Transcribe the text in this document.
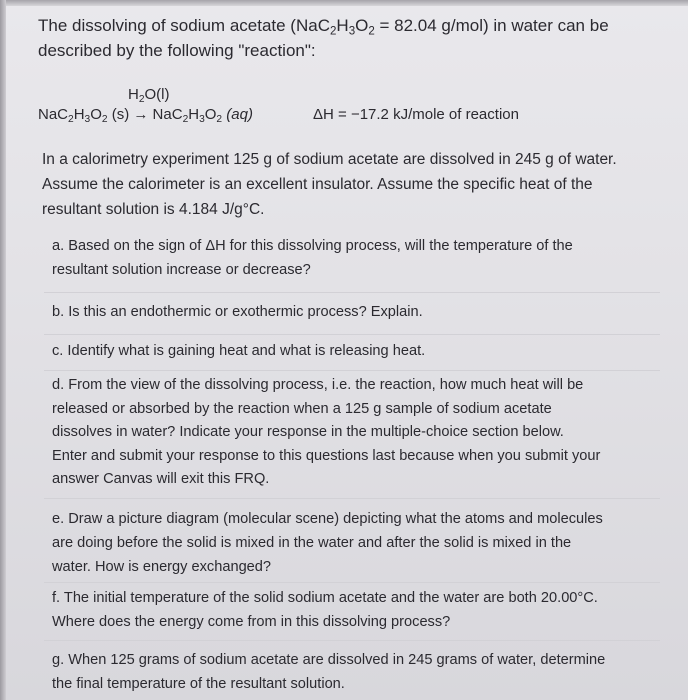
The dissolving of sodium acetate ($NaC_2H_3O_2 = 82.04$ g/mol) in water can be
described by the following "reaction":
$H_2O(l)$
$NaC_2H_3O_2$ $(s) \to NaC_2H_3O_2$ (aq)	ΔH = −17.2 kJ/mole of reaction
In a calorimetry experiment 125 g of sodium acetate are dissolved in 245 g of water.
Assume the calorimeter is an excellent insulator. Assume the specific heat of the
resultant solution is 4.184 J/g°C.
a. Based on the sign of ΔH for this dissolving process, will the temperature of the
resultant solution increase or decrease?
b. Is this an endothermic or exothermic process? Explain.
c. Identify what is gaining heat and what is releasing heat.
d. From the view of the dissolving process, i.e. the reaction, how much heat will be
released or absorbed by the reaction when a 125 g sample of sodium acetate
dissolves in water? Indicate your response in the multiple-choice section below.
Enter and submit your response to this questions last because when you submit your
answer Canvas will exit this FRQ.
e. Draw a picture diagram (molecular scene) depicting what the atoms and molecules
are doing before the solid is mixed in the water and after the solid is mixed in the
water. How is energy exchanged?
f. The initial temperature of the solid sodium acetate and the water are both 20.00°C.
Where does the energy come from in this dissolving process?
g. When 125 grams of sodium acetate are dissolved in 245 grams of water, determine
the final temperature of the resultant solution.
